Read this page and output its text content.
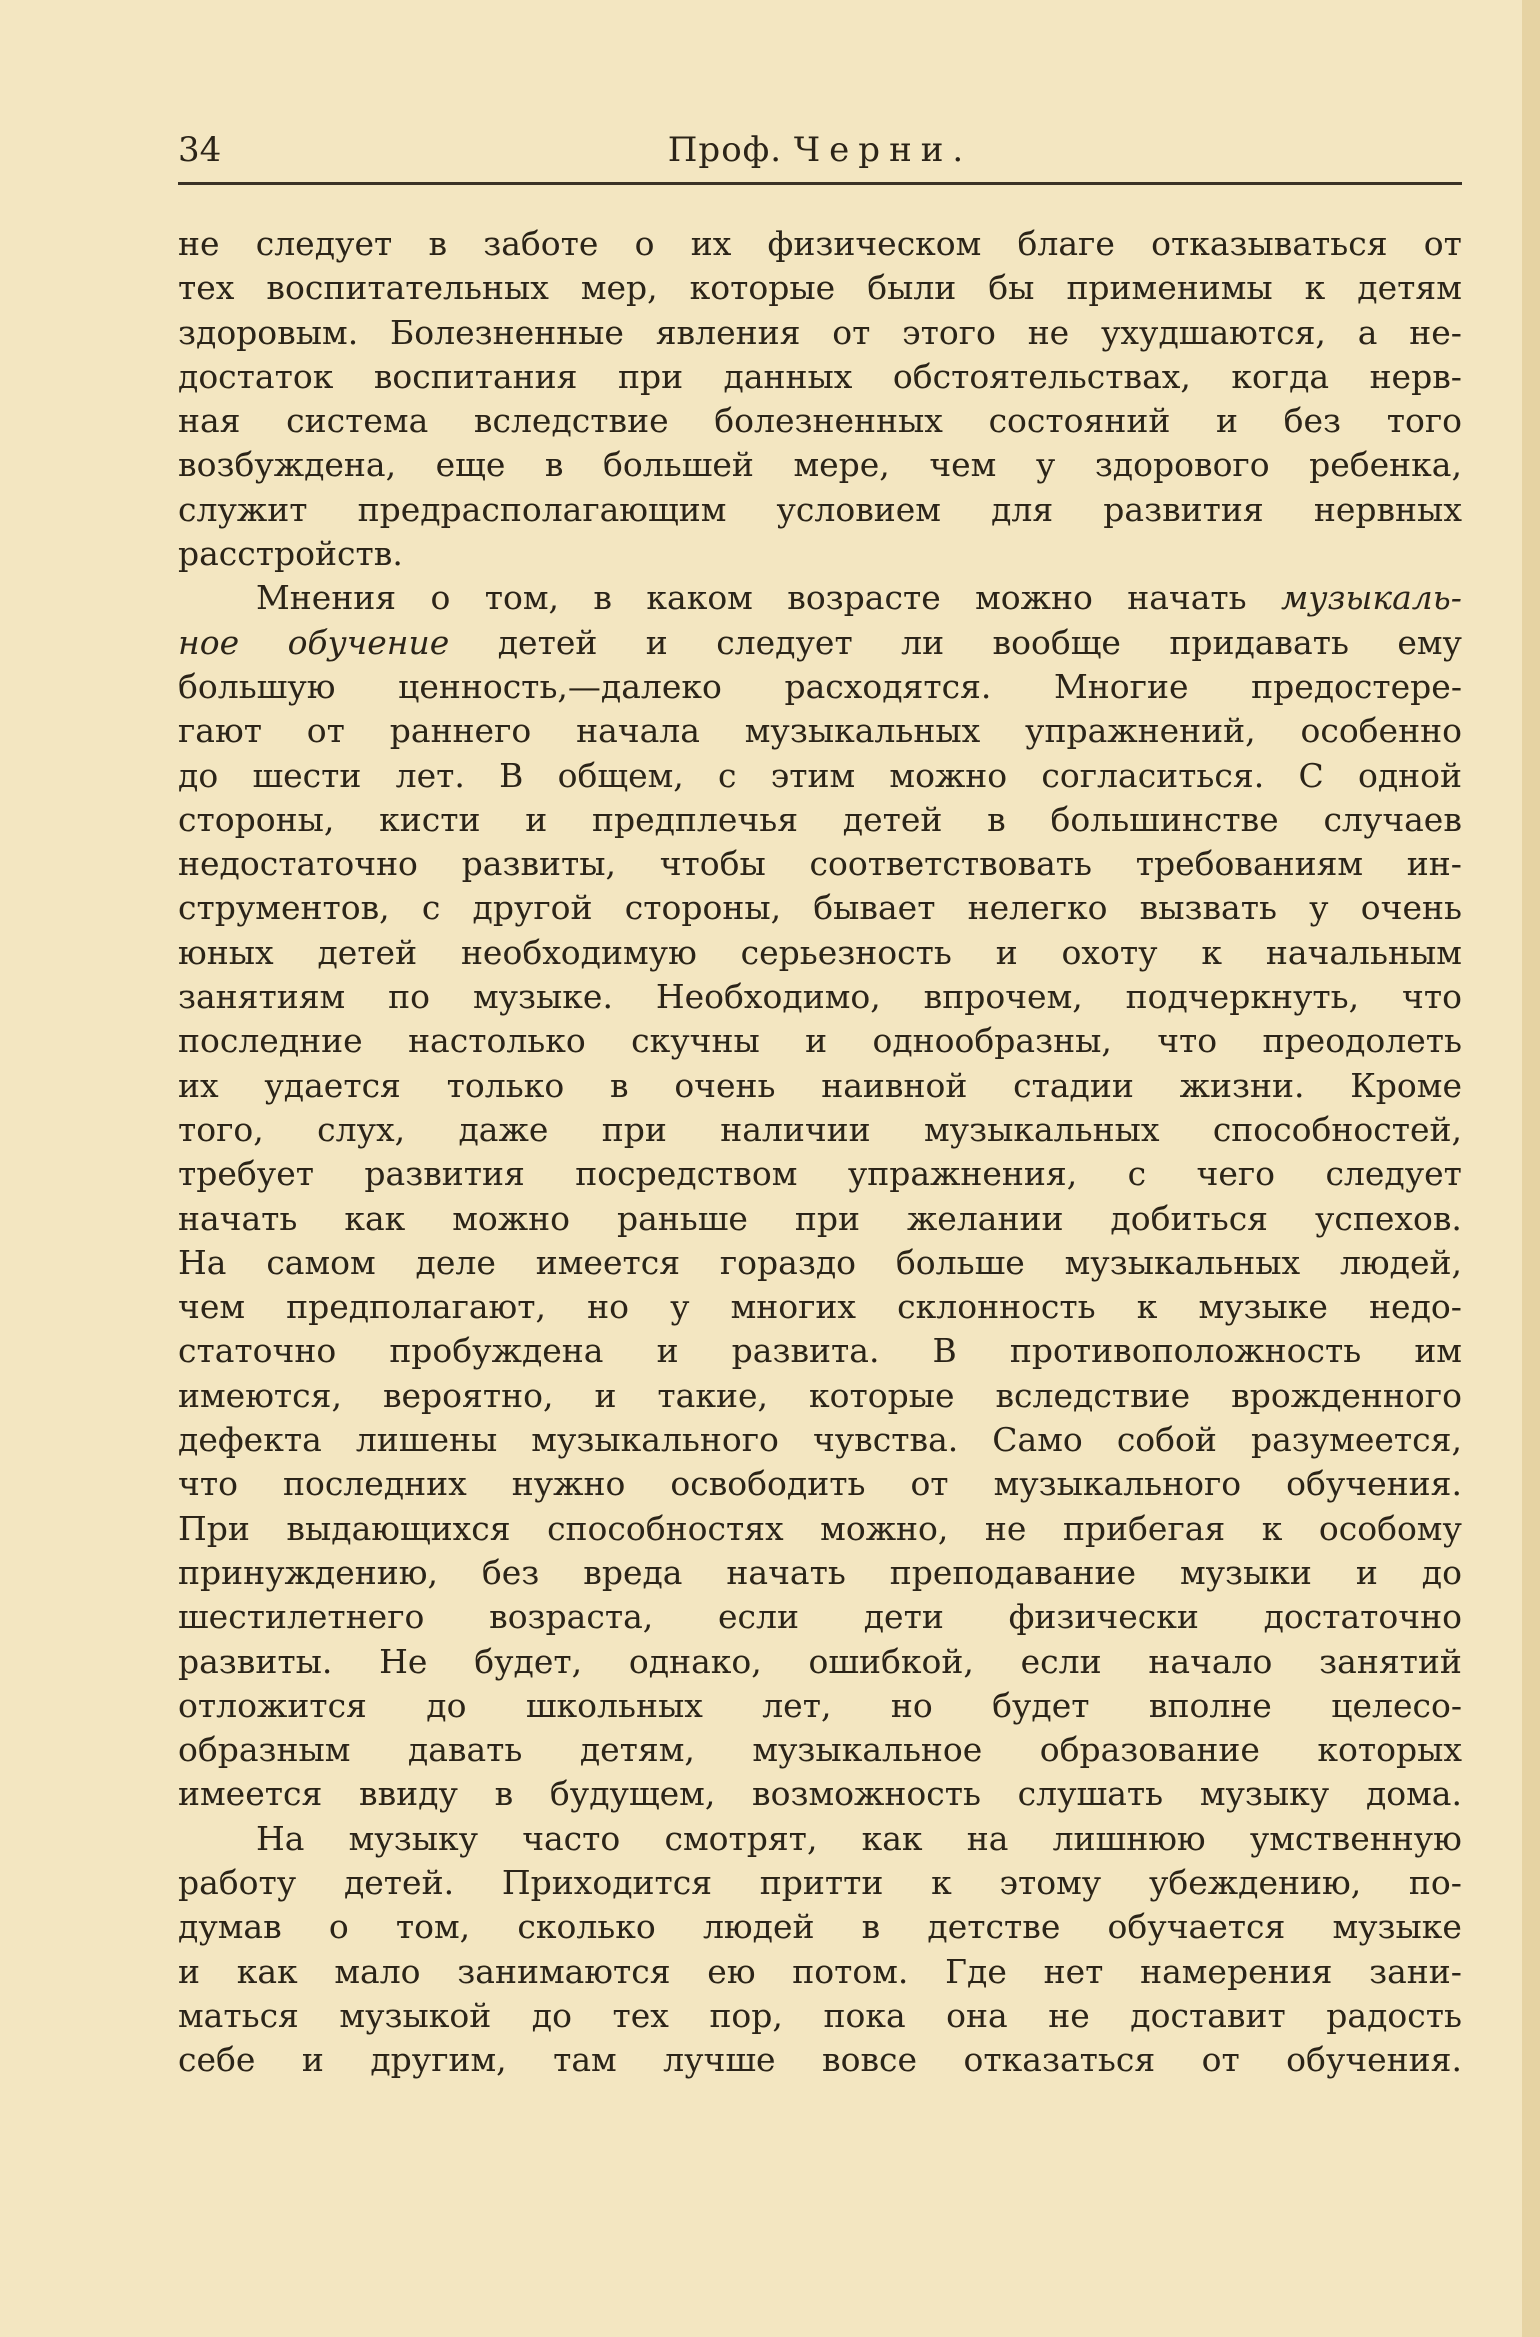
34	Проф. Черни.
не следует в заботе о их физическом благе отказываться от
тех воспитательных мер, которые были бы применимы к детям
здоровым. Болезненные явления от этого не ухудшаются, а не-
достаток воспитания при данных обстоятельствах, когда нерв-
ная система вследствие болезненных состояний и без того
возбуждена, еще в большей мере, чем у здорового ребенка,
служит предрасполагающим условием для развития нервных
расстройств.
Мнения о том, в каком возрасте можно начать музыкаль-
ное обучение детей и следует ли вообще придавать ему
большую ценность,—далеко расходятся. Многие предостере-
гают от раннего начала музыкальных упражнений, особенно
до шести лет. В общем, с этим можно согласиться. С одной
стороны, кисти и предплечья детей в большинстве случаев
недостаточно развиты, чтобы соответствовать требованиям ин-
струментов, с другой стороны, бывает нелегко вызвать у очень
юных детей необходимую серьезность и охоту к начальным
занятиям по музыке. Необходимо, впрочем, подчеркнуть, что
последние настолько скучны и однообразны, что преодолеть
их удается только в очень наивной стадии жизни. Кроме
того, слух, даже при наличии музыкальных способностей,
требует развития посредством упражнения, с чего следует
начать как можно раньше при желании добиться успехов.
На самом деле имеется гораздо больше музыкальных людей,
чем предполагают, но у многих склонность к музыке недо-
статочно пробуждена и развита. В противоположность им
имеются, вероятно, и такие, которые вследствие врожденного
дефекта лишены музыкального чувства. Само собой разумеется,
что последних нужно освободить от музыкального обучения.
При выдающихся способностях можно, не прибегая к особому
принуждению, без вреда начать преподавание музыки и до
шестилетнего возраста, если дети физически достаточно
развиты. Не будет, однако, ошибкой, если начало занятий
отложится до школьных лет, но будет вполне целесо-
образным давать детям, музыкальное образование которых
имеется ввиду в будущем, возможность слушать музыку дома.
На музыку часто смотрят, как на лишнюю умственную
работу детей. Приходится притти к этому убеждению, по-
думав о том, сколько людей в детстве обучается музыке
и как мало занимаются ею потом. Где нет намерения зани-
маться музыкой до тех пор, пока она не доставит радость
себе и другим, там лучше вовсе отказаться от обучения.
